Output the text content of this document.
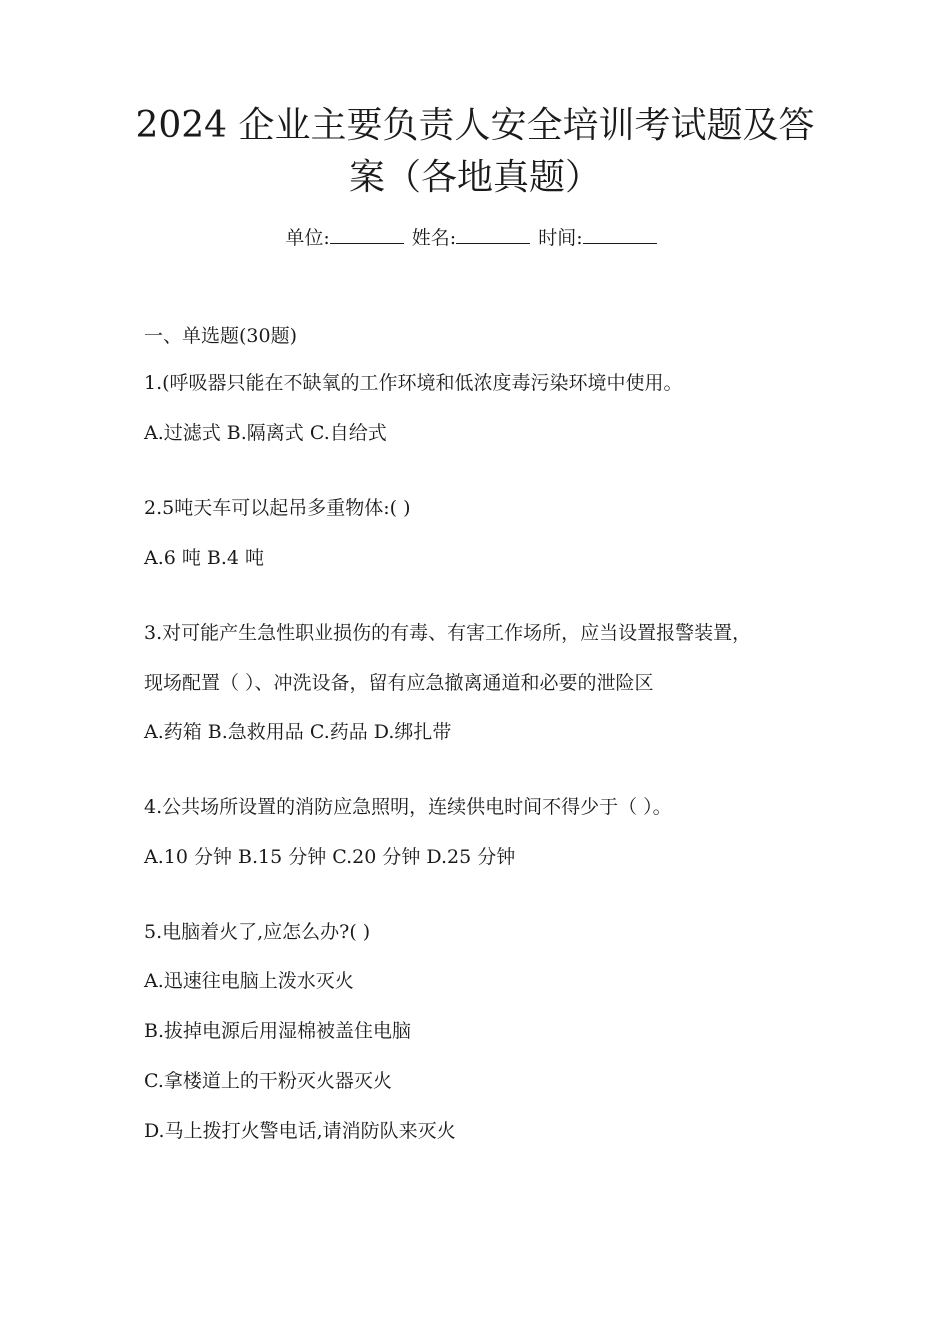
2024 企业主要负责人安全培训考试题及答
案（各地真题）
单位:	姓名:	时间:
一、单选题(30题)
1.(呼吸器只能在不缺氧的工作环境和低浓度毒污染环境中使用。
A.过滤式 B.隔离式 C.自给式
2.5吨天车可以起吊多重物体:( )
A.6 吨 B.4 吨
3.对可能产生急性职业损伤的有毒、有害工作场所，应当设置报警装置，
现场配置（ ）、冲洗设备，留有应急撤离通道和必要的泄险区
A.药箱 B.急救用品 C.药品 D.绑扎带
4.公共场所设置的消防应急照明，连续供电时间不得少于（ ）。
A.10 分钟 B.15 分钟 C.20 分钟 D.25 分钟
5.电脑着火了,应怎么办?( )
A.迅速往电脑上泼水灭火
B.拔掉电源后用湿棉被盖住电脑
C.拿楼道上的干粉灭火器灭火
D.马上拨打火警电话,请消防队来灭火
